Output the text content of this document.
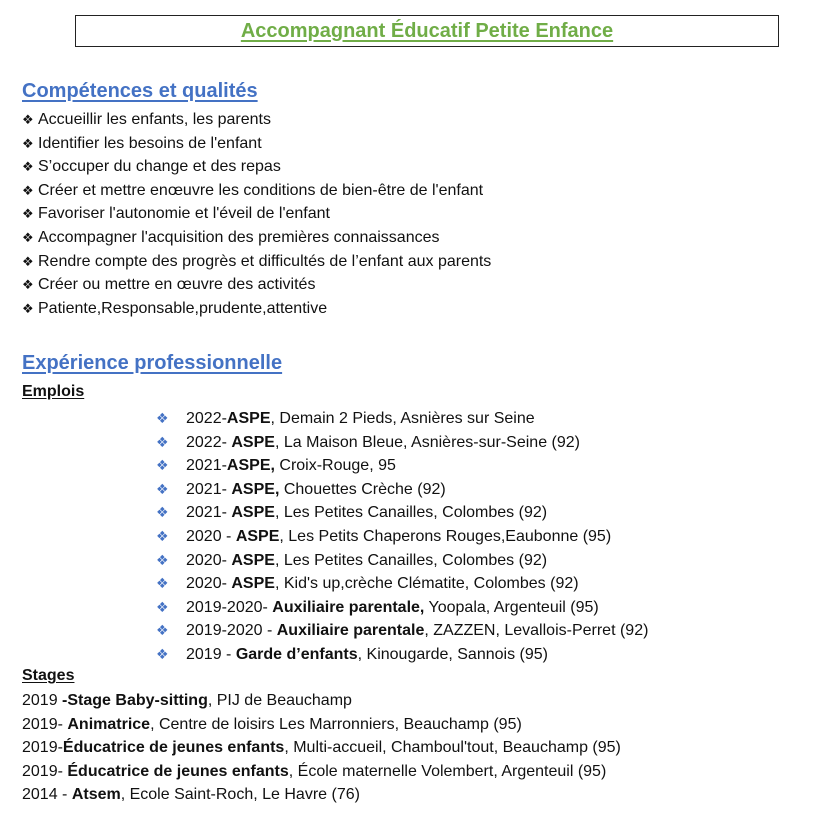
Accompagnant Éducatif Petite Enfance
Compétences et qualités
❖ Accueillir les enfants, les parents
❖ Identifier les besoins de l'enfant
❖ S’occuper du change et des repas
❖ Créer et mettre enœuvre les conditions de bien-être de l'enfant
❖ Favoriser l'autonomie et l'éveil de l'enfant
❖ Accompagner l'acquisition des premières connaissances
❖ Rendre compte des progrès et difficultés de l’enfant aux parents
❖ Créer ou mettre en œuvre des activités
❖ Patiente,Responsable,prudente,attentive
Expérience professionnelle
Emplois
❖ 2022-ASPE, Demain 2 Pieds, Asnières sur Seine
❖ 2022- ASPE, La Maison Bleue, Asnières-sur-Seine (92)
❖ 2021-ASPE, Croix-Rouge, 95
❖ 2021- ASPE, Chouettes Crèche (92)
❖ 2021- ASPE, Les Petites Canailles, Colombes (92)
❖ 2020 - ASPE, Les Petits Chaperons Rouges,Eaubonne (95)
❖ 2020- ASPE, Les Petites Canailles, Colombes (92)
❖ 2020- ASPE, Kid's up,crèche Clématite, Colombes (92)
❖ 2019-2020- Auxiliaire parentale, Yoopala, Argenteuil (95)
❖ 2019-2020 - Auxiliaire parentale, ZAZZEN, Levallois-Perret (92)
❖ 2019 - Garde d’enfants, Kinougarde, Sannois (95)
Stages
2019 -Stage Baby-sitting, PIJ de Beauchamp
2019- Animatrice, Centre de loisirs Les Marronniers, Beauchamp (95)
2019-Éducatrice de jeunes enfants, Multi-accueil, Chamboul'tout, Beauchamp (95)
2019- Éducatrice de jeunes enfants, École maternelle Volembert, Argenteuil (95)
2014 - Atsem, Ecole Saint-Roch, Le Havre (76)
